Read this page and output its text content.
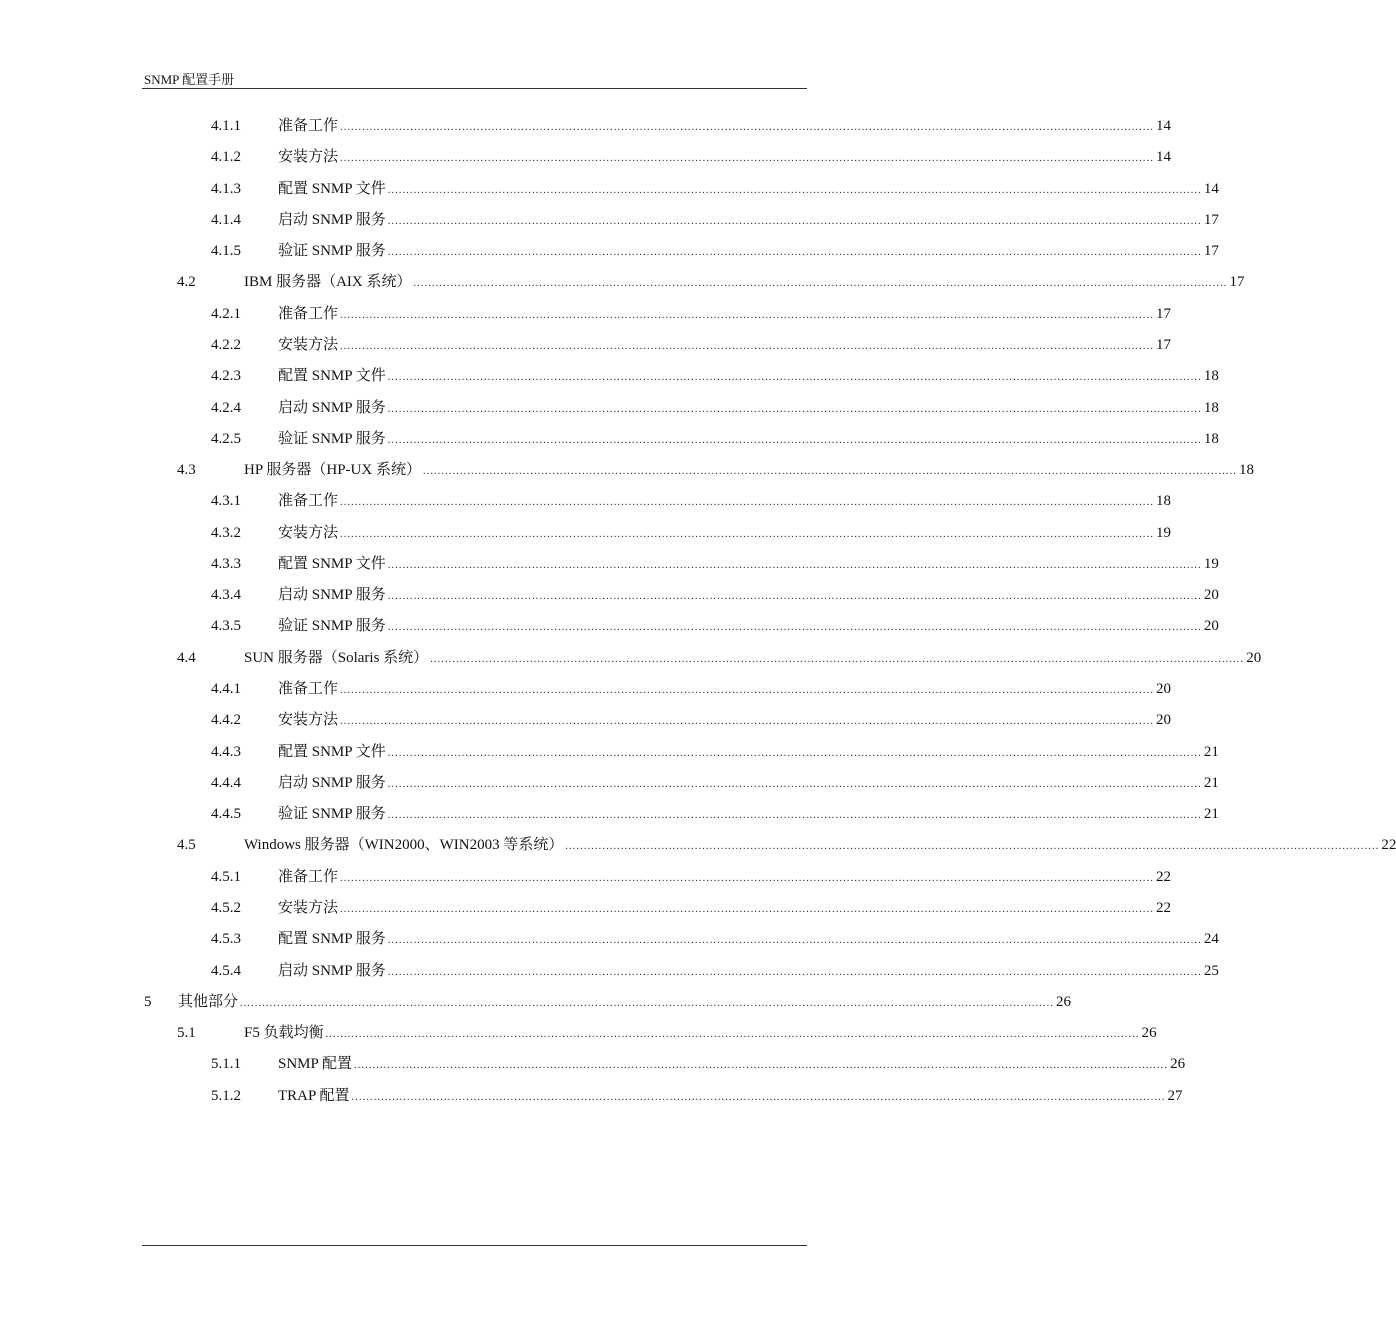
SNMP 配置手册
4.1.1	准备工作 ............................................................................................................................................................................................................................ 14
4.1.2	安装方法 ............................................................................................................................................................................................................................ 14
4.1.3	配置 SNMP 文件 ............................................................................................................................................................................................................................ 14
4.1.4	启动 SNMP 服务 ............................................................................................................................................................................................................................ 17
4.1.5	验证 SNMP 服务 ............................................................................................................................................................................................................................ 17
4.2	IBM 服务器（AIX 系统） ............................................................................................................................................................................................................................ 17
4.2.1	准备工作 ............................................................................................................................................................................................................................ 17
4.2.2	安装方法 ............................................................................................................................................................................................................................ 17
4.2.3	配置 SNMP 文件 ............................................................................................................................................................................................................................ 18
4.2.4	启动 SNMP 服务 ............................................................................................................................................................................................................................ 18
4.2.5	验证 SNMP 服务 ............................................................................................................................................................................................................................ 18
4.3	HP 服务器（HP-UX 系统） ............................................................................................................................................................................................................................ 18
4.3.1	准备工作 ............................................................................................................................................................................................................................ 18
4.3.2	安装方法 ............................................................................................................................................................................................................................ 19
4.3.3	配置 SNMP 文件 ............................................................................................................................................................................................................................ 19
4.3.4	启动 SNMP 服务 ............................................................................................................................................................................................................................ 20
4.3.5	验证 SNMP 服务 ............................................................................................................................................................................................................................ 20
4.4	SUN 服务器（Solaris 系统） ............................................................................................................................................................................................................................ 20
4.4.1	准备工作 ............................................................................................................................................................................................................................ 20
4.4.2	安装方法 ............................................................................................................................................................................................................................ 20
4.4.3	配置 SNMP 文件 ............................................................................................................................................................................................................................ 21
4.4.4	启动 SNMP 服务 ............................................................................................................................................................................................................................ 21
4.4.5	验证 SNMP 服务 ............................................................................................................................................................................................................................ 21
4.5	Windows 服务器（WIN2000、WIN2003 等系统） ............................................................................................................................................................................................................................ 22
4.5.1	准备工作 ............................................................................................................................................................................................................................ 22
4.5.2	安装方法 ............................................................................................................................................................................................................................ 22
4.5.3	配置 SNMP 服务 ............................................................................................................................................................................................................................ 24
4.5.4	启动 SNMP 服务 ............................................................................................................................................................................................................................ 25
5	其他部分 ............................................................................................................................................................................................................................ 26
5.1	F5 负载均衡 ............................................................................................................................................................................................................................ 26
5.1.1	SNMP 配置 ............................................................................................................................................................................................................................ 26
5.1.2	TRAP 配置 ............................................................................................................................................................................................................................ 27
